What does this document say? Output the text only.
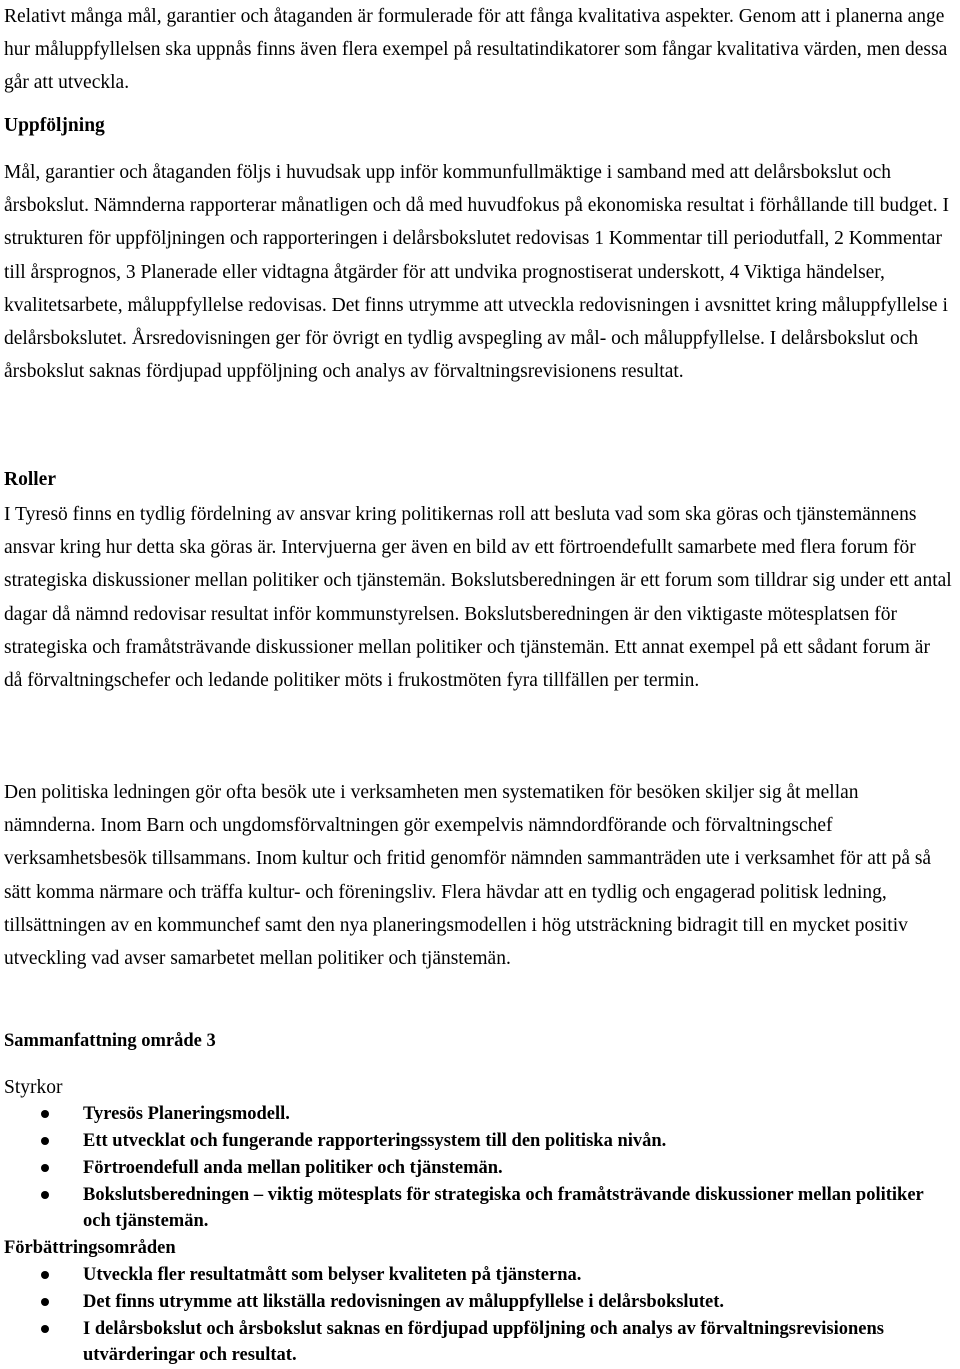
Relativt många mål, garantier och åtaganden är formulerade för att fånga kvalitativa aspekter. Genom att i planerna ange hur måluppfyllelsen ska uppnås finns även flera exempel på resultatindikatorer som fångar kvalitativa värden, men dessa går att utveckla.

Uppföljning

Mål, garantier och åtaganden följs i huvudsak upp inför kommunfullmäktige i samband med att delårsbokslut och årsbokslut. Nämnderna rapporterar månatligen och då med huvudfokus på ekonomiska resultat i förhållande till budget. I strukturen för uppföljningen och rapporteringen i delårsbokslutet redovisas 1 Kommentar till periodutfall, 2 Kommentar till årsprognos, 3 Planerade eller vidtagna åtgärder för att undvika prognostiserat underskott, 4 Viktiga händelser, kvalitetsarbete, måluppfyllelse redovisas. Det finns utrymme att utveckla redovisningen i avsnittet kring måluppfyllelse i delårsbokslutet. Årsredovisningen ger för övrigt en tydlig avspegling av mål- och måluppfyllelse. I delårsbokslut och årsbokslut saknas fördjupad uppföljning och analys av förvaltningsrevisionens resultat.

Roller

I Tyresö finns en tydlig fördelning av ansvar kring politikernas roll att besluta vad som ska göras och tjänstemännens ansvar kring hur detta ska göras är. Intervjuerna ger även en bild av ett förtroendefullt samarbete med flera forum för strategiska diskussioner mellan politiker och tjänstemän. Bokslutsberedningen är ett forum som tilldrar sig under ett antal dagar då nämnd redovisar resultat inför kommunstyrelsen. Bokslutsberedningen är den viktigaste mötesplatsen för strategiska och framåtsträvande diskussioner mellan politiker och tjänstemän. Ett annat exempel på ett sådant forum är då förvaltningschefer och ledande politiker möts i frukostmöten fyra tillfällen per termin.

Den politiska ledningen gör ofta besök ute i verksamheten men systematiken för besöken skiljer sig åt mellan nämnderna. Inom Barn och ungdomsförvaltningen gör exempelvis nämndordförande och förvaltningschef verksamhetsbesök tillsammans. Inom kultur och fritid genomför nämnden sammanträden ute i verksamhet för att på så sätt komma närmare och träffa kultur- och föreningsliv. Flera hävdar att en tydlig och engagerad politisk ledning, tillsättningen av en kommunchef samt den nya planeringsmodellen i hög utsträckning bidragit till en mycket positiv utveckling vad avser samarbetet mellan politiker och tjänstemän.

Sammanfattning område 3

Styrkor

Tyresös Planeringsmodell.
Ett utvecklat och fungerande rapporteringssystem till den politiska nivån.
Förtroendefull anda mellan politiker och tjänstemän.
Bokslutsberedningen – viktig mötesplats för strategiska och framåtsträvande diskussioner mellan politiker och tjänstemän.

Förbättringsområden

Utveckla fler resultatmått som belyser kvaliteten på tjänsterna.
Det finns utrymme att likställa redovisningen av måluppfyllelse i delårsbokslutet.
I delårsbokslut och årsbokslut saknas en fördjupad uppföljning och analys av förvaltningsrevisionens utvärderingar och resultat.
